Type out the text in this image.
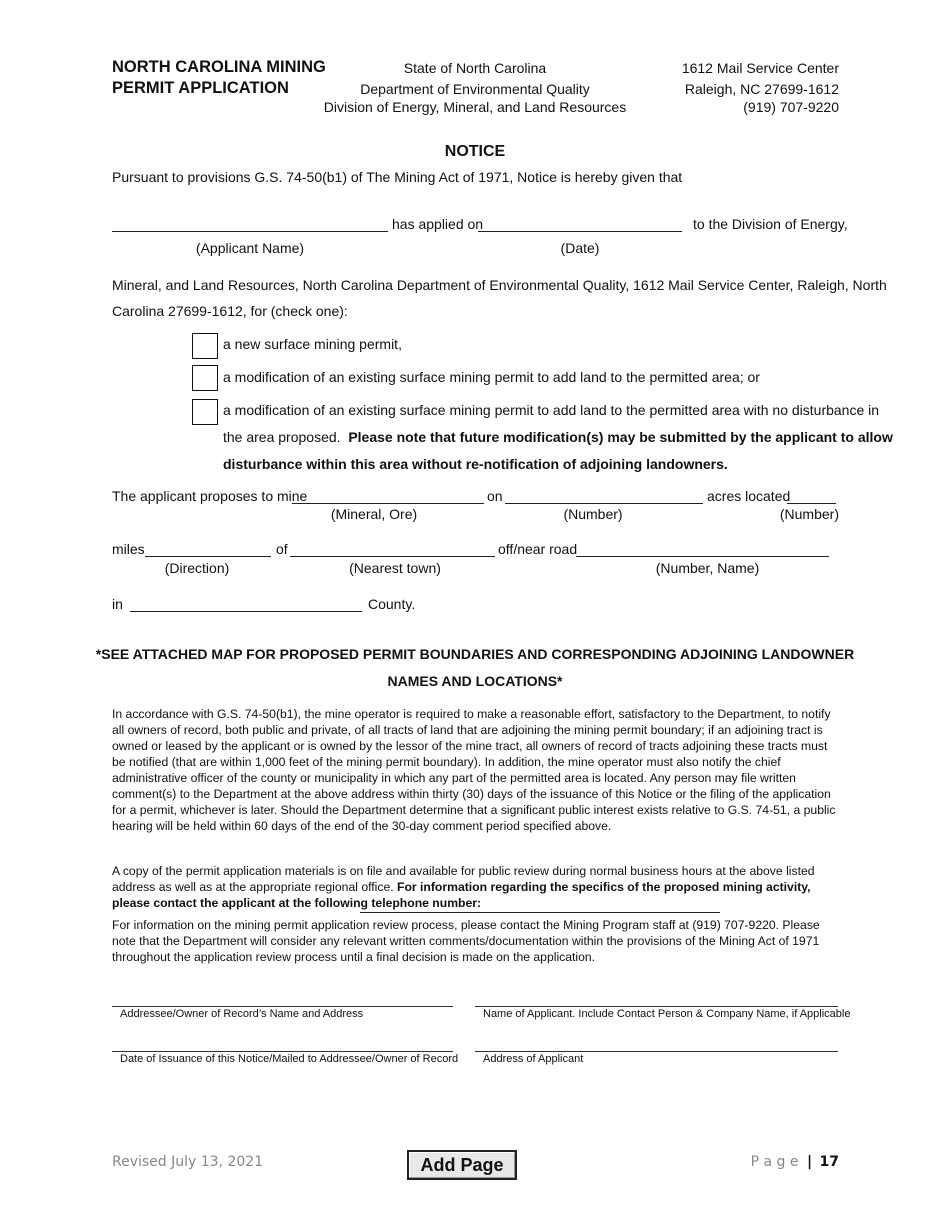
NORTH CAROLINA MINING
PERMIT APPLICATION
State of North Carolina
Department of Environmental Quality
Division of Energy, Mineral, and Land Resources
1612 Mail Service Center
Raleigh, NC 27699-1612
(919) 707-9220
NOTICE
Pursuant to provisions G.S. 74-50(b1) of The Mining Act of 1971, Notice is hereby given that
has applied on	to the Division of Energy,
(Applicant Name)	(Date)
Mineral, and Land Resources, North Carolina Department of Environmental Quality, 1612 Mail Service Center, Raleigh, North
Carolina 27699-1612, for (check one):
a new surface mining permit,
a modification of an existing surface mining permit to add land to the permitted area; or
a modification of an existing surface mining permit to add land to the permitted area with no disturbance in
the area proposed. Please note that future modification(s) may be submitted by the applicant to allow
disturbance within this area without re-notification of adjoining landowners.
The applicant proposes to mine	on	acres located
(Mineral, Ore)	(Number)	(Number)
miles	of	off/near road
(Direction)	(Nearest town)	(Number, Name)
in	County.
*SEE ATTACHED MAP FOR PROPOSED PERMIT BOUNDARIES AND CORRESPONDING ADJOINING LANDOWNER
NAMES AND LOCATIONS*
In accordance with G.S. 74-50(b1), the mine operator is required to make a reasonable effort, satisfactory to the Department, to notify all owners of record, both public and private, of all tracts of land that are adjoining the mining permit boundary; if an adjoining tract is owned or leased by the applicant or is owned by the lessor of the mine tract, all owners of record of tracts adjoining these tracts must be notified (that are within 1,000 feet of the mining permit boundary). In addition, the mine operator must also notify the chief administrative officer of the county or municipality in which any part of the permitted area is located. Any person may file written comment(s) to the Department at the above address within thirty (30) days of the issuance of this Notice or the filing of the application for a permit, whichever is later. Should the Department determine that a significant public interest exists relative to G.S. 74-51, a public hearing will be held within 60 days of the end of the 30-day comment period specified above.
A copy of the permit application materials is on file and available for public review during normal business hours at the above listed address as well as at the appropriate regional office. For information regarding the specifics of the proposed mining activity, please contact the applicant at the following telephone number:
For information on the mining permit application review process, please contact the Mining Program staff at (919) 707-9220. Please note that the Department will consider any relevant written comments/documentation within the provisions of the Mining Act of 1971 throughout the application review process until a final decision is made on the application.
Addressee/Owner of Record’s Name and Address	Name of Applicant. Include Contact Person & Company Name, if Applicable
Date of Issuance of this Notice/Mailed to Addressee/Owner of Record Address of Applicant
Revised July 13, 2021	Add Page	P a g e | 17
